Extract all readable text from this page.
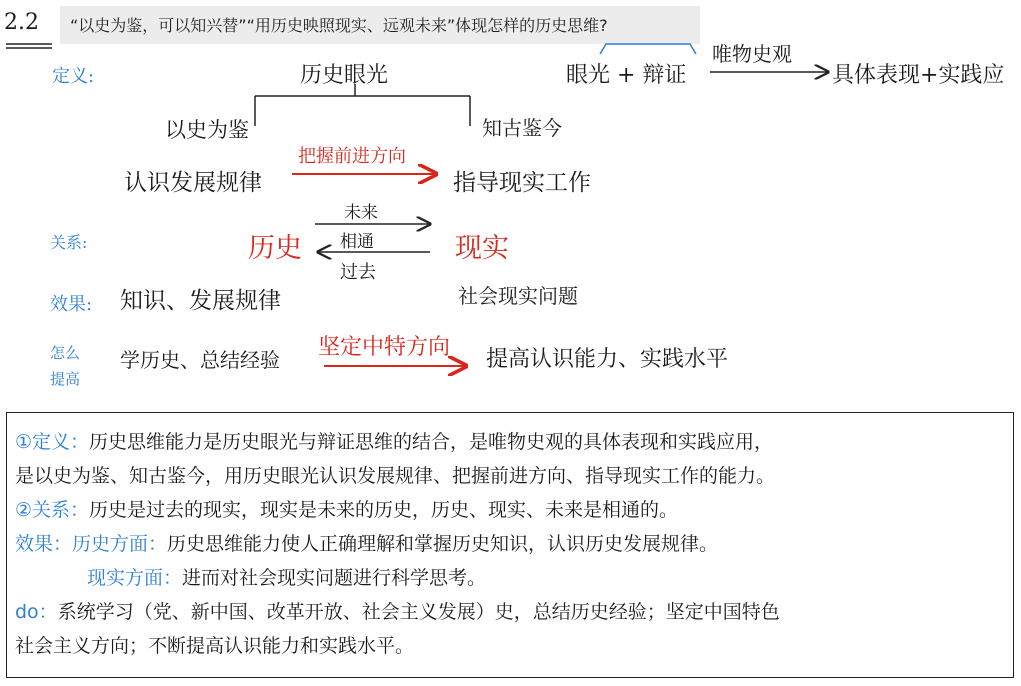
2.2 “以史为鉴，可以知兴替”“用历史映照现实、远观未来”体现怎样的历史思维?
定义:
关系:
效果:
怎么
提高
历史眼光
以史为鉴	知古鉴今
认识发展规律
把握前进方向
指导现实工作
眼光 + 辩证
唯物史观
具体表现+实践应
历史	现实
未来
相通
过去
知识、发展规律	社会现实问题
学历史、总结经验 坚定中特方向 提高认识能力、实践水平
①定义：历史思维能力是历史眼光与辩证思维的结合，是唯物史观的具体表现和实践应用，
是以史为鉴、知古鉴今，用历史眼光认识发展规律、把握前进方向、指导现实工作的能力。
②关系：历史是过去的现实，现实是未来的历史，历史、现实、未来是相通的。
效果：历史方面：历史思维能力使人正确理解和掌握历史知识，认识历史发展规律。
现实方面：进而对社会现实问题进行科学思考。
do：系统学习（党、新中国、改革开放、社会主义发展）史，总结历史经验；坚定中国特色
社会主义方向；不断提高认识能力和实践水平。
